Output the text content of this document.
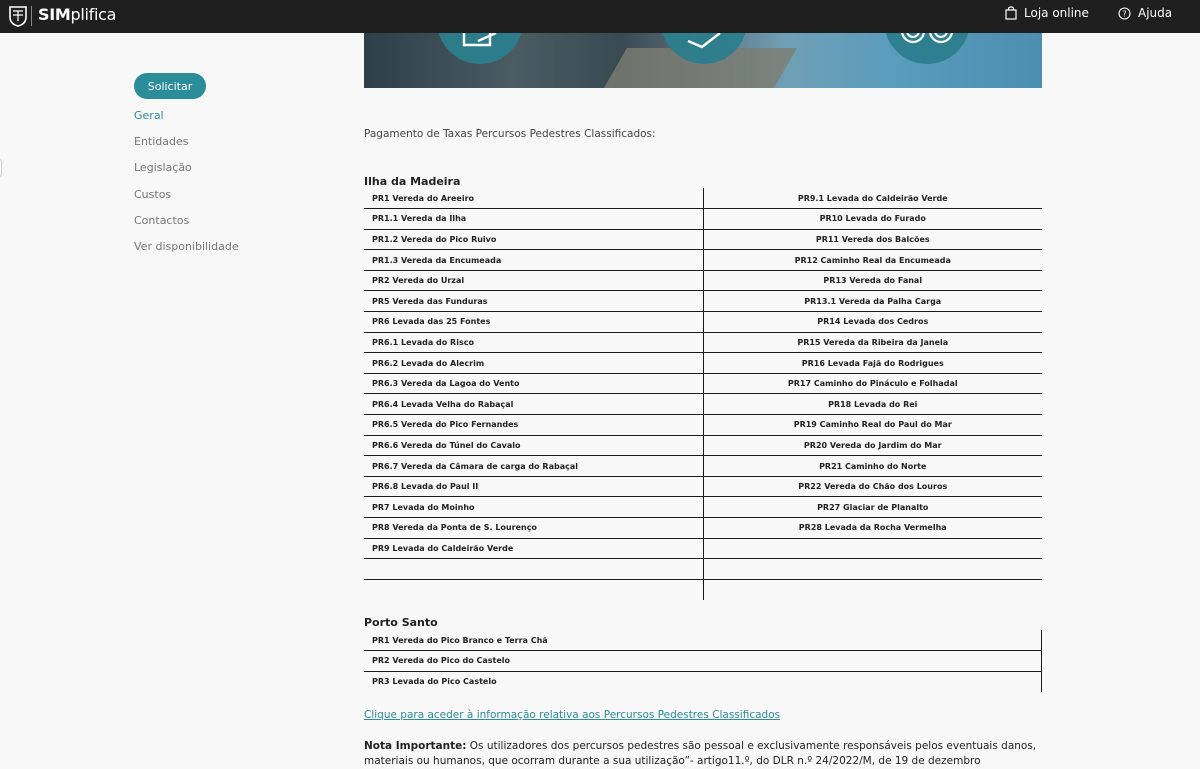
SIMplifica	Loja online	? Ajuda
Solicitar
Geral
Entidades
Legislação
Custos
Contactos
Ver disponibilidade

Pagamento de Taxas Percursos Pedestres Classificados:

Ilha da Madeira
PR1 Vereda do Areeiro	PR9.1 Levada do Caldeirão Verde
PR1.1 Vereda da Ilha	PR10 Levada do Furado
PR1.2 Vereda do Pico Ruivo	PR11 Vereda dos Balcões
PR1.3 Vereda da Encumeada	PR12 Caminho Real da Encumeada
PR2 Vereda do Urzal	PR13 Vereda do Fanal
PR5 Vereda das Funduras	PR13.1 Vereda da Palha Carga
PR6 Levada das 25 Fontes	PR14 Levada dos Cedros
PR6.1 Levada do Risco	PR15 Vereda da Ribeira da Janela
PR6.2 Levada do Alecrim	PR16 Levada Fajã do Rodrigues
PR6.3 Vereda da Lagoa do Vento	PR17 Caminho do Pináculo e Folhadal
PR6.4 Levada Velha do Rabaçal	PR18 Levada do Rei
PR6.5 Vereda do Pico Fernandes	PR19 Caminho Real do Paul do Mar
PR6.6 Vereda do Túnel do Cavalo	PR20 Vereda do Jardim do Mar
PR6.7 Vereda da Câmara de carga do Rabaçal	PR21 Caminho do Norte
PR6.8 Levada do Paul II	PR22 Vereda do Chão dos Louros
PR7 Levada do Moinho	PR27 Glaciar de Planalto
PR8 Vereda da Ponta de S. Lourenço	PR28 Levada da Rocha Vermelha
PR9 Levada do Caldeirão Verde	

Porto Santo
PR1 Vereda do Pico Branco e Terra Chã
PR2 Vereda do Pico do Castelo
PR3 Levada do Pico Castelo
Clique para aceder à informação relativa aos Percursos Pedestres Classificados

Nota Importante: Os utilizadores dos percursos pedestres são pessoal e exclusivamente responsáveis pelos eventuais danos, materiais ou humanos, que ocorram durante a sua utilização”- artigo11.º, do DLR n.º 24/2022/M, de 19 de dezembro
